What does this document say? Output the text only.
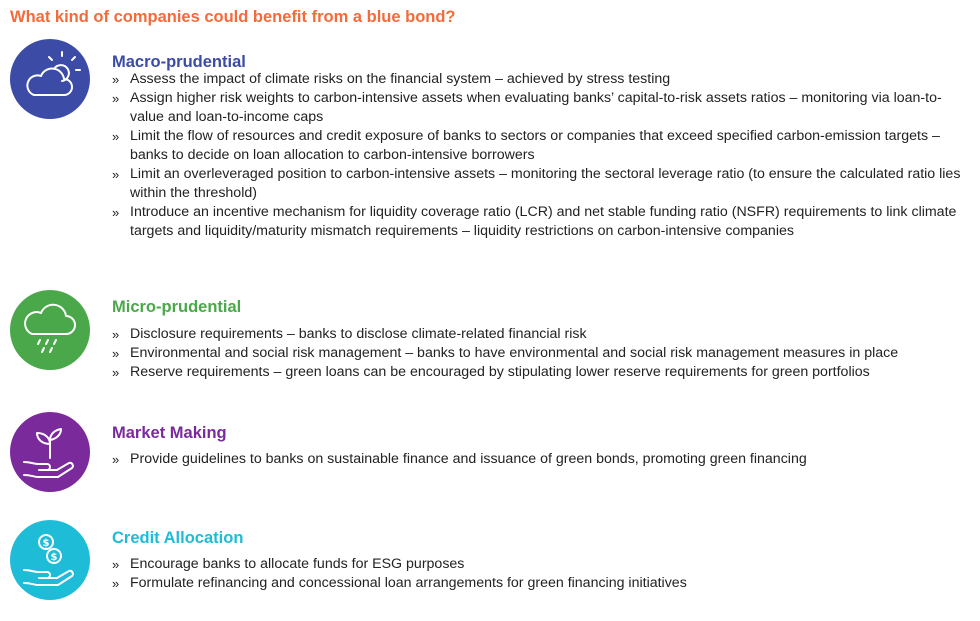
What kind of companies could benefit from a blue bond?
Macro-prudential
» Assess the impact of climate risks on the financial system – achieved by stress testing
» Assign higher risk weights to carbon-intensive assets when evaluating banks’ capital-to-risk assets ratios – monitoring via loan-to-value and loan-to-income caps
» Limit the flow of resources and credit exposure of banks to sectors or companies that exceed specified carbon-emission targets – banks to decide on loan allocation to carbon-intensive borrowers
» Limit an overleveraged position to carbon-intensive assets – monitoring the sectoral leverage ratio (to ensure the calculated ratio lies within the threshold)
» Introduce an incentive mechanism for liquidity coverage ratio (LCR) and net stable funding ratio (NSFR) requirements to link climate targets and liquidity/maturity mismatch requirements – liquidity restrictions on carbon-intensive companies
Micro-prudential
» Disclosure requirements – banks to disclose climate-related financial risk
» Environmental and social risk management – banks to have environmental and social risk management measures in place
» Reserve requirements – green loans can be encouraged by stipulating lower reserve requirements for green portfolios
Market Making
» Provide guidelines to banks on sustainable finance and issuance of green bonds, promoting green financing
$
$
Credit Allocation
» Encourage banks to allocate funds for ESG purposes
» Formulate refinancing and concessional loan arrangements for green financing initiatives
